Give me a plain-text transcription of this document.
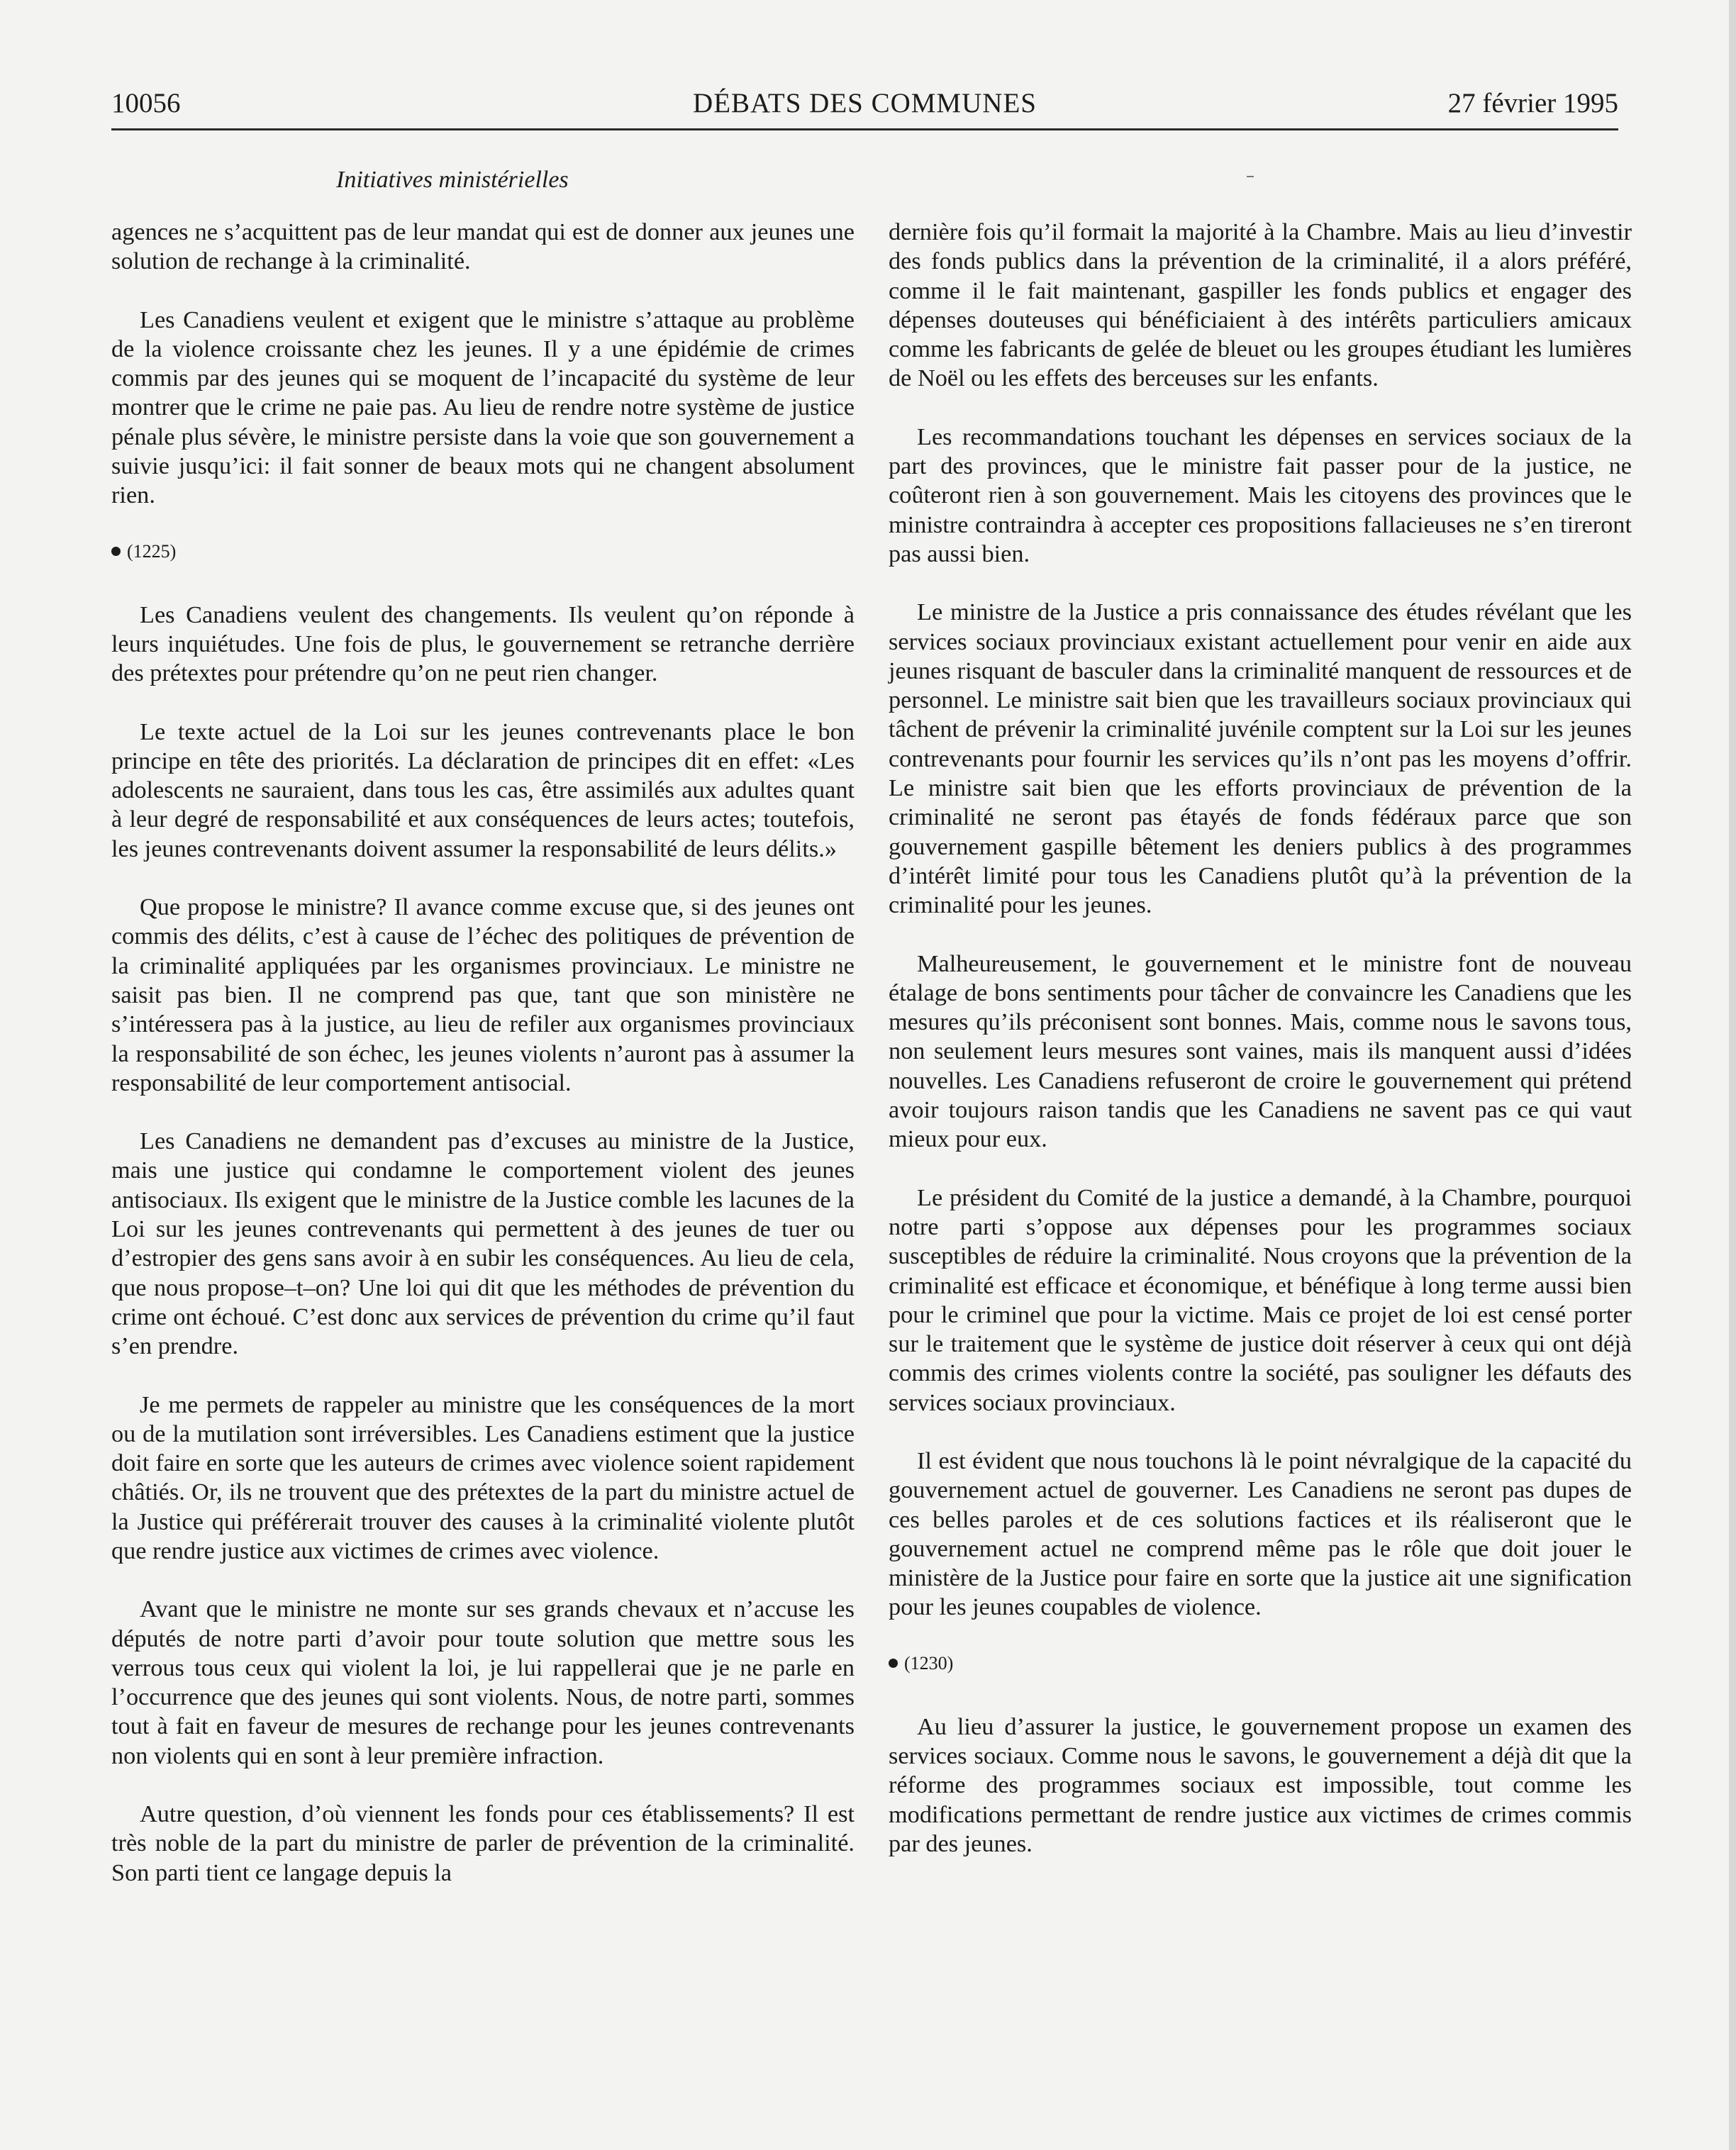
10056	DÉBATS DES COMMUNES	27 février 1995
Initiatives ministérielles

agences ne s’acquittent pas de leur mandat qui est de donner aux jeunes une solution de rechange à la criminalité.

Les Canadiens veulent et exigent que le ministre s’attaque au problème de la violence croissante chez les jeunes. Il y a une épidémie de crimes commis par des jeunes qui se moquent de l’incapacité du système de leur montrer que le crime ne paie pas. Au lieu de rendre notre système de justice pénale plus sévère, le ministre persiste dans la voie que son gouvernement a suivie jusqu’ici: il fait sonner de beaux mots qui ne changent absolument rien.

(1225)

Les Canadiens veulent des changements. Ils veulent qu’on réponde à leurs inquiétudes. Une fois de plus, le gouvernement se retranche derrière des prétextes pour prétendre qu’on ne peut rien changer.

Le texte actuel de la Loi sur les jeunes contrevenants place le bon principe en tête des priorités. La déclaration de principes dit en effet: «Les adolescents ne sauraient, dans tous les cas, être assimilés aux adultes quant à leur degré de responsabilité et aux conséquences de leurs actes; toutefois, les jeunes contrevenants doivent assumer la responsabilité de leurs délits.»

Que propose le ministre? Il avance comme excuse que, si des jeunes ont commis des délits, c’est à cause de l’échec des politiques de prévention de la criminalité appliquées par les organismes provinciaux. Le ministre ne saisit pas bien. Il ne comprend pas que, tant que son ministère ne s’intéressera pas à la justice, au lieu de refiler aux organismes provinciaux la responsabilité de son échec, les jeunes violents n’auront pas à assumer la responsabilité de leur comportement antisocial.

Les Canadiens ne demandent pas d’excuses au ministre de la Justice, mais une justice qui condamne le comportement violent des jeunes antisociaux. Ils exigent que le ministre de la Justice comble les lacunes de la Loi sur les jeunes contrevenants qui permettent à des jeunes de tuer ou d’estropier des gens sans avoir à en subir les conséquences. Au lieu de cela, que nous propose–t–on? Une loi qui dit que les méthodes de prévention du crime ont échoué. C’est donc aux services de prévention du crime qu’il faut s’en prendre.

Je me permets de rappeler au ministre que les conséquences de la mort ou de la mutilation sont irréversibles. Les Canadiens estiment que la justice doit faire en sorte que les auteurs de crimes avec violence soient rapidement châtiés. Or, ils ne trouvent que des prétextes de la part du ministre actuel de la Justice qui préférerait trouver des causes à la criminalité violente plutôt que rendre justice aux victimes de crimes avec violence.

Avant que le ministre ne monte sur ses grands chevaux et n’accuse les députés de notre parti d’avoir pour toute solution que mettre sous les verrous tous ceux qui violent la loi, je lui rappellerai que je ne parle en l’occurrence que des jeunes qui sont violents. Nous, de notre parti, sommes tout à fait en faveur de mesures de rechange pour les jeunes contrevenants non violents qui en sont à leur première infraction.

Autre question, d’où viennent les fonds pour ces établissements? Il est très noble de la part du ministre de parler de prévention de la criminalité. Son parti tient ce langage depuis la

dernière fois qu’il formait la majorité à la Chambre. Mais au lieu d’investir des fonds publics dans la prévention de la criminalité, il a alors préféré, comme il le fait maintenant, gaspiller les fonds publics et engager des dépenses douteuses qui bénéficiaient à des intérêts particuliers amicaux comme les fabricants de gelée de bleuet ou les groupes étudiant les lumières de Noël ou les effets des berceuses sur les enfants.

Les recommandations touchant les dépenses en services sociaux de la part des provinces, que le ministre fait passer pour de la justice, ne coûteront rien à son gouvernement. Mais les citoyens des provinces que le ministre contraindra à accepter ces propositions fallacieuses ne s’en tireront pas aussi bien.

Le ministre de la Justice a pris connaissance des études révélant que les services sociaux provinciaux existant actuellement pour venir en aide aux jeunes risquant de basculer dans la criminalité manquent de ressources et de personnel. Le ministre sait bien que les travailleurs sociaux provinciaux qui tâchent de prévenir la criminalité juvénile comptent sur la Loi sur les jeunes contrevenants pour fournir les services qu’ils n’ont pas les moyens d’offrir. Le ministre sait bien que les efforts provinciaux de prévention de la criminalité ne seront pas étayés de fonds fédéraux parce que son gouvernement gaspille bêtement les deniers publics à des programmes d’intérêt limité pour tous les Canadiens plutôt qu’à la prévention de la criminalité pour les jeunes.

Malheureusement, le gouvernement et le ministre font de nouveau étalage de bons sentiments pour tâcher de convaincre les Canadiens que les mesures qu’ils préconisent sont bonnes. Mais, comme nous le savons tous, non seulement leurs mesures sont vaines, mais ils manquent aussi d’idées nouvelles. Les Canadiens refuseront de croire le gouvernement qui prétend avoir toujours raison tandis que les Canadiens ne savent pas ce qui vaut mieux pour eux.

Le président du Comité de la justice a demandé, à la Chambre, pourquoi notre parti s’oppose aux dépenses pour les programmes sociaux susceptibles de réduire la criminalité. Nous croyons que la prévention de la criminalité est efficace et économique, et bénéfique à long terme aussi bien pour le criminel que pour la victime. Mais ce projet de loi est censé porter sur le traitement que le système de justice doit réserver à ceux qui ont déjà commis des crimes violents contre la société, pas souligner les défauts des services sociaux provinciaux.

Il est évident que nous touchons là le point névralgique de la capacité du gouvernement actuel de gouverner. Les Canadiens ne seront pas dupes de ces belles paroles et de ces solutions factices et ils réaliseront que le gouvernement actuel ne comprend même pas le rôle que doit jouer le ministère de la Justice pour faire en sorte que la justice ait une signification pour les jeunes coupables de violence.

(1230)

Au lieu d’assurer la justice, le gouvernement propose un examen des services sociaux. Comme nous le savons, le gouvernement a déjà dit que la réforme des programmes sociaux est impossible, tout comme les modifications permettant de rendre justice aux victimes de crimes commis par des jeunes.
